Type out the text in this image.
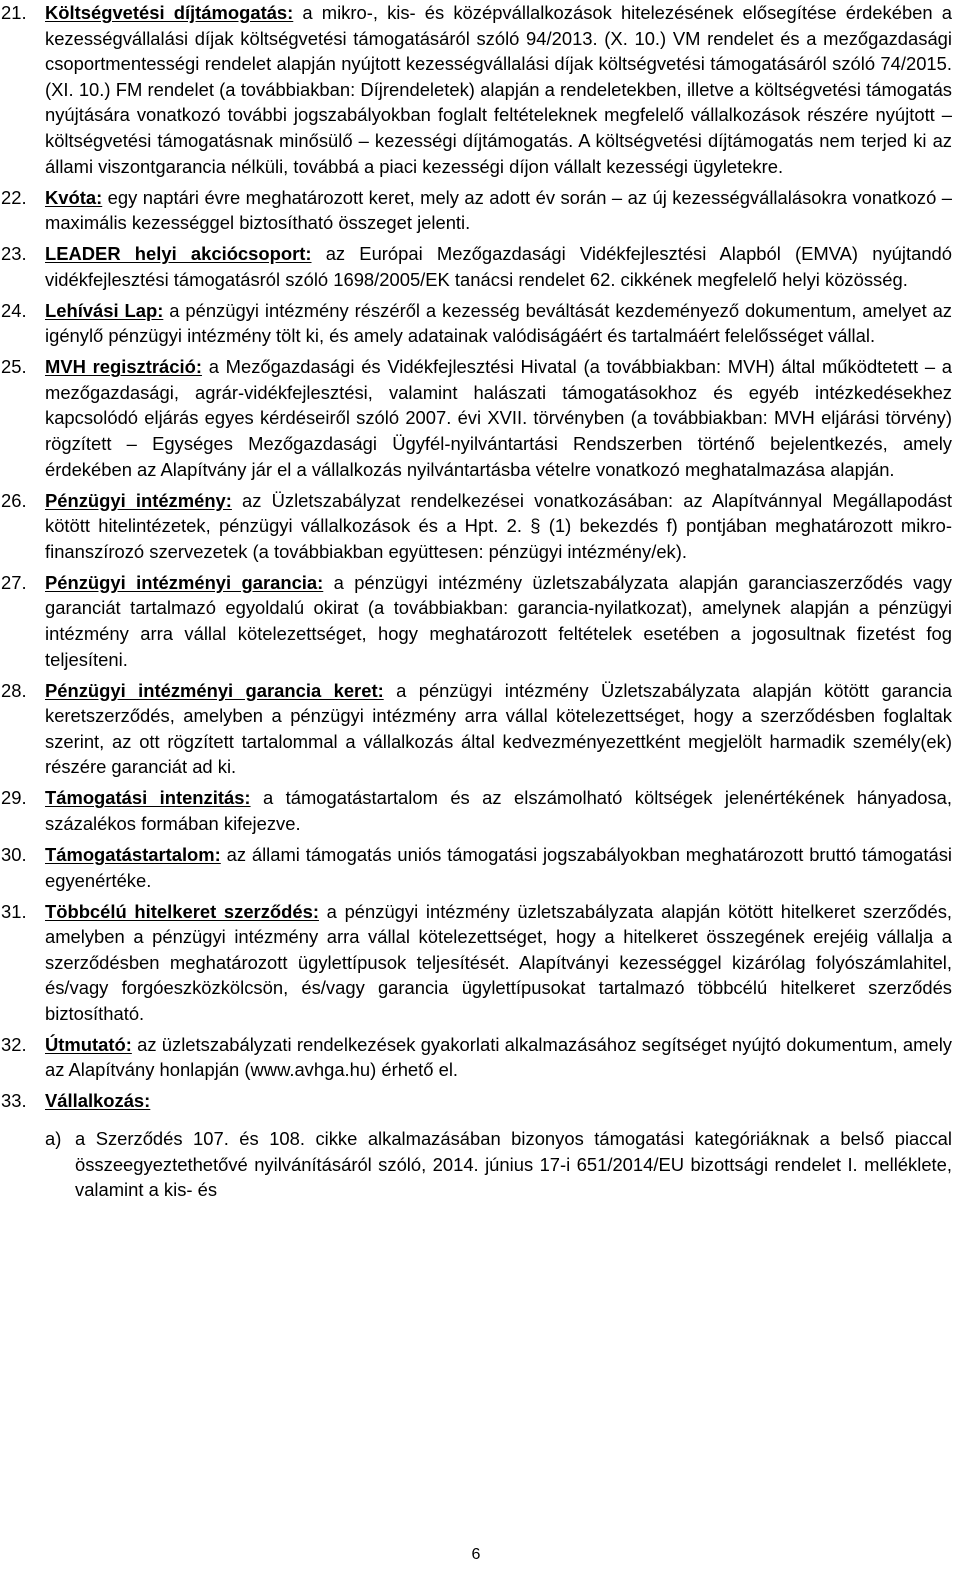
21. Költségvetési díjtámogatás: a mikro-, kis- és középvállalkozások hitelezésének elősegítése érdekében a kezességvállalási díjak költségvetési támogatásáról szóló 94/2013. (X. 10.) VM rendelet és a mezőgazdasági csoportmentességi rendelet alapján nyújtott kezességvállalási díjak költségvetési támogatásáról szóló 74/2015. (XI. 10.) FM rendelet (a továbbiakban: Díjrendeletek) alapján a rendeletekben, illetve a költségvetési támogatás nyújtására vonatkozó további jogszabályokban foglalt feltételeknek megfelelő vállalkozások részére nyújtott – költségvetési támogatásnak minősülő – kezességi díjtámogatás. A költségvetési díjtámogatás nem terjed ki az állami viszontgarancia nélküli, továbbá a piaci kezességi díjon vállalt kezességi ügyletekre.
22. Kvóta: egy naptári évre meghatározott keret, mely az adott év során – az új kezességvállalásokra vonatkozó – maximális kezességgel biztosítható összeget jelenti.
23. LEADER helyi akciócsoport: az Európai Mezőgazdasági Vidékfejlesztési Alapból (EMVA) nyújtandó vidékfejlesztési támogatásról szóló 1698/2005/EK tanácsi rendelet 62. cikkének megfelelő helyi közösség.
24. Lehívási Lap: a pénzügyi intézmény részéről a kezesség beváltását kezdeményező dokumentum, amelyet az igénylő pénzügyi intézmény tölt ki, és amely adatainak valódiságáért és tartalmáért felelősséget vállal.
25. MVH regisztráció: a Mezőgazdasági és Vidékfejlesztési Hivatal (a továbbiakban: MVH) által működtetett – a mezőgazdasági, agrár-vidékfejlesztési, valamint halászati támogatásokhoz és egyéb intézkedésekhez kapcsolódó eljárás egyes kérdéseiről szóló 2007. évi XVII. törvényben (a továbbiakban: MVH eljárási törvény) rögzített – Egységes Mezőgazdasági Ügyfél-nyilvántartási Rendszerben történő bejelentkezés, amely érdekében az Alapítvány jár el a vállalkozás nyilvántartásba vételre vonatkozó meghatalmazása alapján.
26. Pénzügyi intézmény: az Üzletszabályzat rendelkezései vonatkozásában: az Alapítvánnyal Megállapodást kötött hitelintézetek, pénzügyi vállalkozások és a Hpt. 2. § (1) bekezdés f) pontjában meghatározott mikro-finanszírozó szervezetek (a továbbiakban együttesen: pénzügyi intézmény/ek).
27. Pénzügyi intézményi garancia: a pénzügyi intézmény üzletszabályzata alapján garanciaszerződés vagy garanciát tartalmazó egyoldalú okirat (a továbbiakban: garancia-nyilatkozat), amelynek alapján a pénzügyi intézmény arra vállal kötelezettséget, hogy meghatározott feltételek esetében a jogosultnak fizetést fog teljesíteni.
28. Pénzügyi intézményi garancia keret: a pénzügyi intézmény Üzletszabályzata alapján kötött garancia keretszerződés, amelyben a pénzügyi intézmény arra vállal kötelezettséget, hogy a szerződésben foglaltak szerint, az ott rögzített tartalommal a vállalkozás által kedvezményezettként megjelölt harmadik személy(ek) részére garanciát ad ki.
29. Támogatási intenzitás: a támogatástartalom és az elszámolható költségek jelenértékének hányadosa, százalékos formában kifejezve.
30. Támogatástartalom: az állami támogatás uniós támogatási jogszabályokban meghatározott bruttó támogatási egyenértéke.
31. Többcélú hitelkeret szerződés: a pénzügyi intézmény üzletszabályzata alapján kötött hitelkeret szerződés, amelyben a pénzügyi intézmény arra vállal kötelezettséget, hogy a hitelkeret összegének erejéig vállalja a szerződésben meghatározott ügylettípusok teljesítését. Alapítványi kezességgel kizárólag folyószámlahitel, és/vagy forgóeszközkölcsön, és/vagy garancia ügylettípusokat tartalmazó többcélú hitelkeret szerződés biztosítható.
32. Útmutató: az üzletszabályzati rendelkezések gyakorlati alkalmazásához segítséget nyújtó dokumentum, amely az Alapítvány honlapján (www.avhga.hu) érhető el.
33. Vállalkozás:
a) a Szerződés 107. és 108. cikke alkalmazásában bizonyos támogatási kategóriáknak a belső piaccal összeegyeztethetővé nyilvánításáról szóló, 2014. június 17-i 651/2014/EU bizottsági rendelet I. melléklete, valamint a kis- és
6
